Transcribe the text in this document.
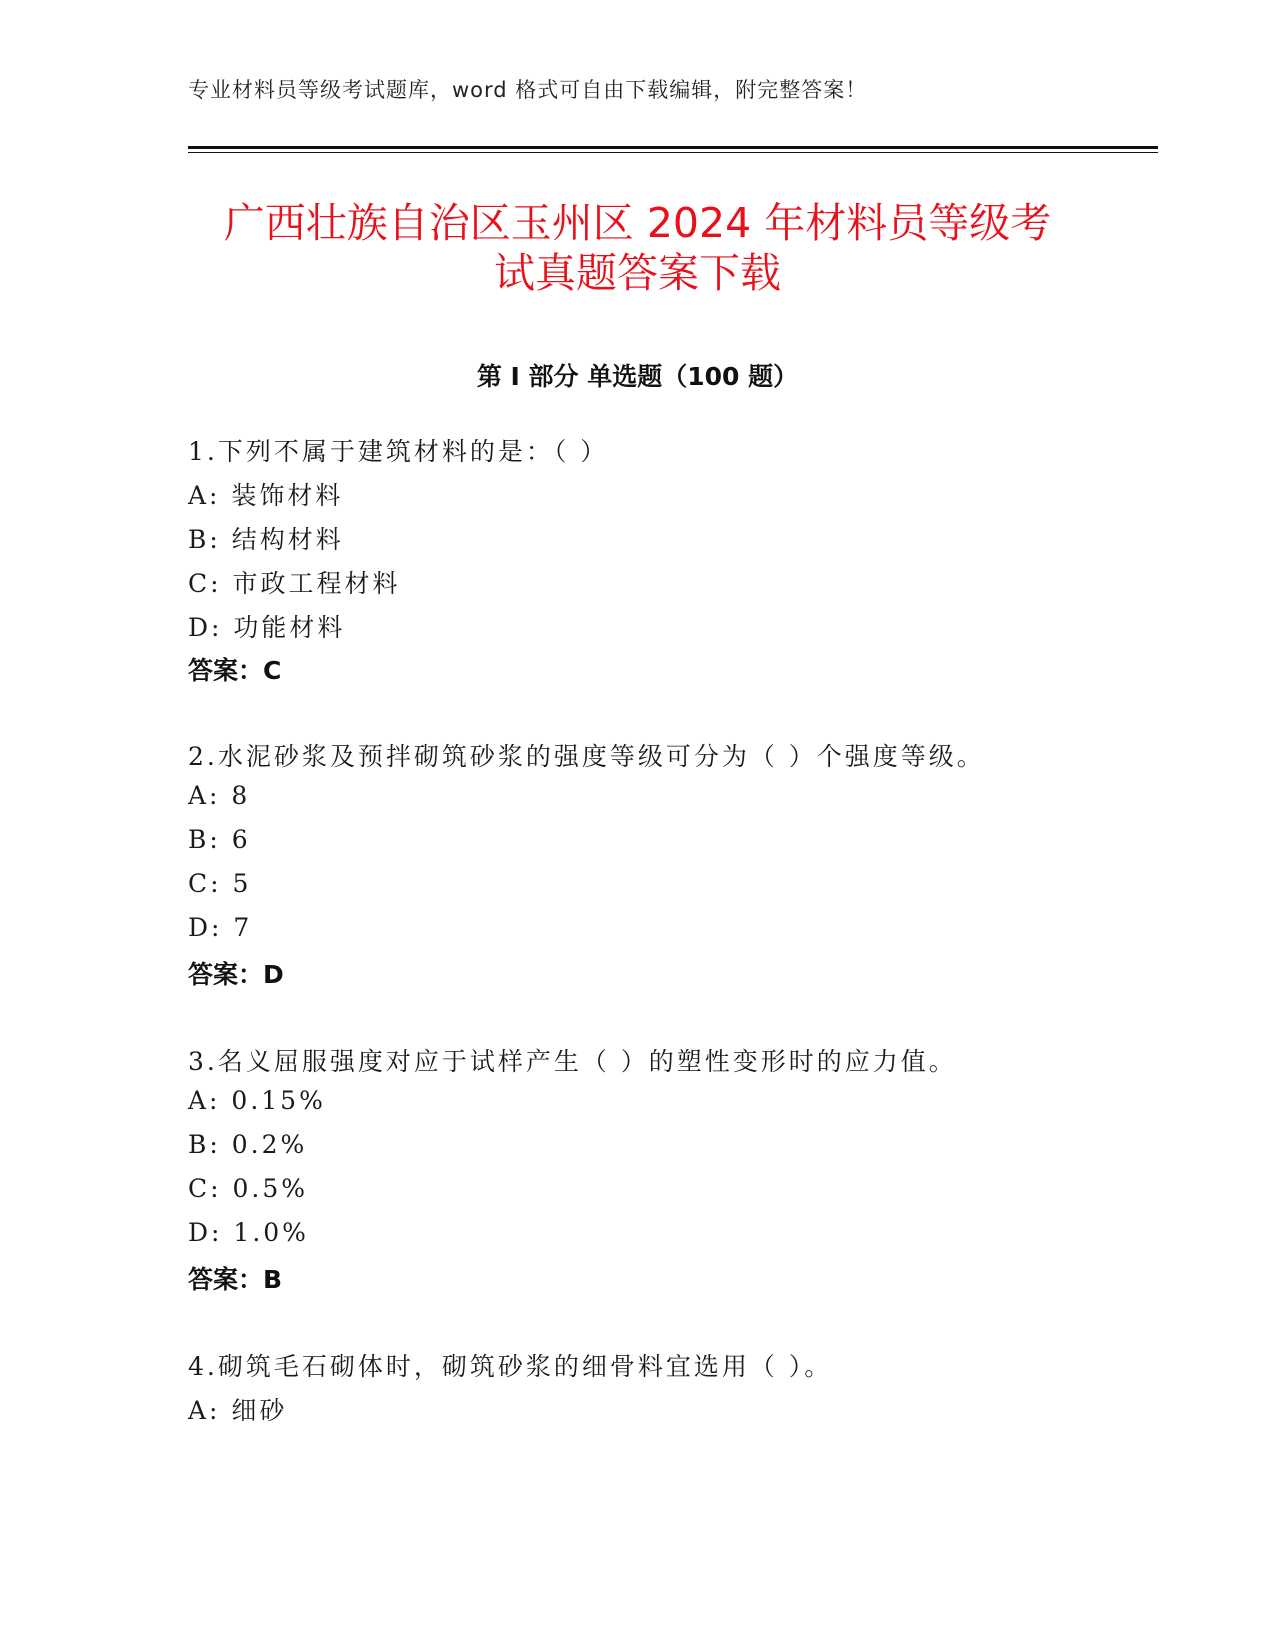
专业材料员等级考试题库，word 格式可自由下载编辑，附完整答案！
广西壮族自治区玉州区 2024 年材料员等级考
试真题答案下载
第 I 部分 单选题（100 题）
1.下列不属于建筑材料的是：（ ）
A: 装饰材料
B: 结构材料
C: 市政工程材料
D: 功能材料
答案：C
2.水泥砂浆及预拌砌筑砂浆的强度等级可分为（ ）个强度等级。
A: 8
B: 6
C: 5
D: 7
答案：D
3.名义屈服强度对应于试样产生（ ）的塑性变形时的应力值。
A: 0.15%
B: 0.2%
C: 0.5%
D: 1.0%
答案：B
4.砌筑毛石砌体时，砌筑砂浆的细骨料宜选用（ ）。
A: 细砂
